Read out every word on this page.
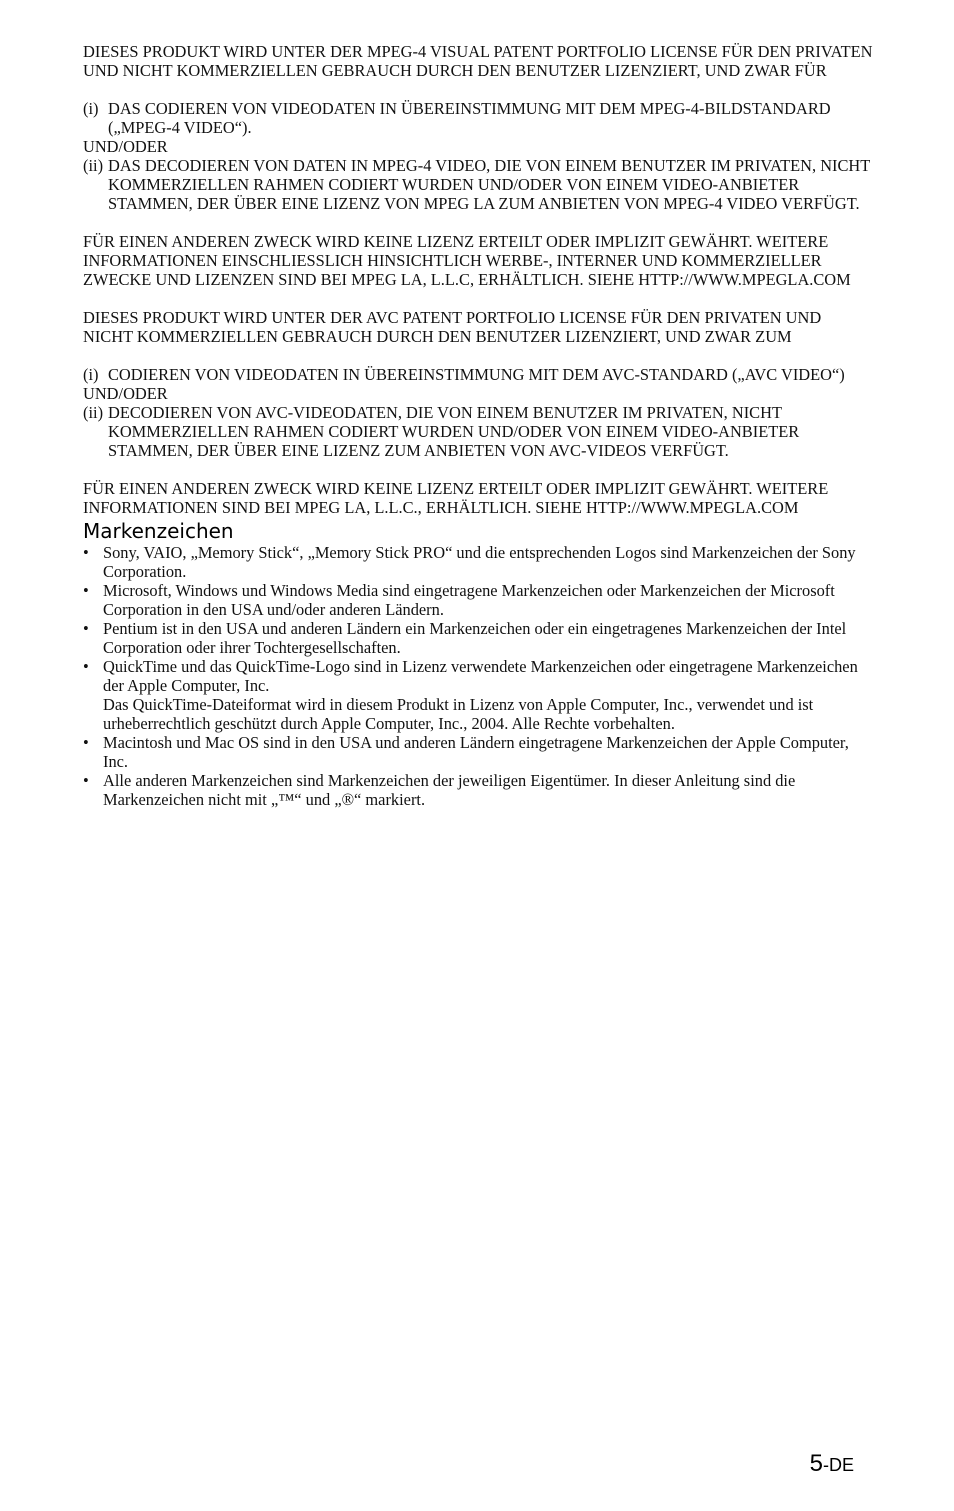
DIESES PRODUKT WIRD UNTER DER MPEG-4 VISUAL PATENT PORTFOLIO LICENSE FÜR DEN PRIVATEN UND NICHT KOMMERZIELLEN GEBRAUCH DURCH DEN BENUTZER LIZENZIERT, UND ZWAR FÜR

(i) DAS CODIEREN VON VIDEODATEN IN ÜBEREINSTIMMUNG MIT DEM MPEG-4-BILDSTANDARD („MPEG-4 VIDEO“).

UND/ODER

(ii) DAS DECODIEREN VON DATEN IN MPEG-4 VIDEO, DIE VON EINEM BENUTZER IM PRIVATEN, NICHT KOMMERZIELLEN RAHMEN CODIERT WURDEN UND/ODER VON EINEM VIDEO-ANBIETER STAMMEN, DER ÜBER EINE LIZENZ VON MPEG LA ZUM ANBIETEN VON MPEG-4 VIDEO VERFÜGT.

FÜR EINEN ANDEREN ZWECK WIRD KEINE LIZENZ ERTEILT ODER IMPLIZIT GEWÄHRT. WEITERE INFORMATIONEN EINSCHLIESSLICH HINSICHTLICH WERBE-, INTERNER UND KOMMERZIELLER ZWECKE UND LIZENZEN SIND BEI MPEG LA, L.L.C, ERHÄLTLICH. SIEHE HTTP://WWW.MPEGLA.COM

DIESES PRODUKT WIRD UNTER DER AVC PATENT PORTFOLIO LICENSE FÜR DEN PRIVATEN UND NICHT KOMMERZIELLEN GEBRAUCH DURCH DEN BENUTZER LIZENZIERT, UND ZWAR ZUM

(i) CODIEREN VON VIDEODATEN IN ÜBEREINSTIMMUNG MIT DEM AVC-STANDARD („AVC VIDEO“)

UND/ODER

(ii) DECODIEREN VON AVC-VIDEODATEN, DIE VON EINEM BENUTZER IM PRIVATEN, NICHT KOMMERZIELLEN RAHMEN CODIERT WURDEN UND/ODER VON EINEM VIDEO-ANBIETER STAMMEN, DER ÜBER EINE LIZENZ ZUM ANBIETEN VON AVC-VIDEOS VERFÜGT.

FÜR EINEN ANDEREN ZWECK WIRD KEINE LIZENZ ERTEILT ODER IMPLIZIT GEWÄHRT. WEITERE INFORMATIONEN SIND BEI MPEG LA, L.L.C., ERHÄLTLICH. SIEHE HTTP://WWW.MPEGLA.COM

Markenzeichen
• Sony, VAIO, „Memory Stick“, „Memory Stick PRO“ und die entsprechenden Logos sind Markenzeichen der Sony Corporation.
• Microsoft, Windows und Windows Media sind eingetragene Markenzeichen oder Markenzeichen der Microsoft Corporation in den USA und/oder anderen Ländern.
• Pentium ist in den USA und anderen Ländern ein Markenzeichen oder ein eingetragenes Markenzeichen der Intel Corporation oder ihrer Tochtergesellschaften.
• QuickTime und das QuickTime-Logo sind in Lizenz verwendete Markenzeichen oder eingetragene Markenzeichen der Apple Computer, Inc.
Das QuickTime-Dateiformat wird in diesem Produkt in Lizenz von Apple Computer, Inc., verwendet und ist urheberrechtlich geschützt durch Apple Computer, Inc., 2004. Alle Rechte vorbehalten.
• Macintosh und Mac OS sind in den USA und anderen Ländern eingetragene Markenzeichen der Apple Computer, Inc.
• Alle anderen Markenzeichen sind Markenzeichen der jeweiligen Eigentümer. In dieser Anleitung sind die Markenzeichen nicht mit „™“ und „®“ markiert.
5-DE
